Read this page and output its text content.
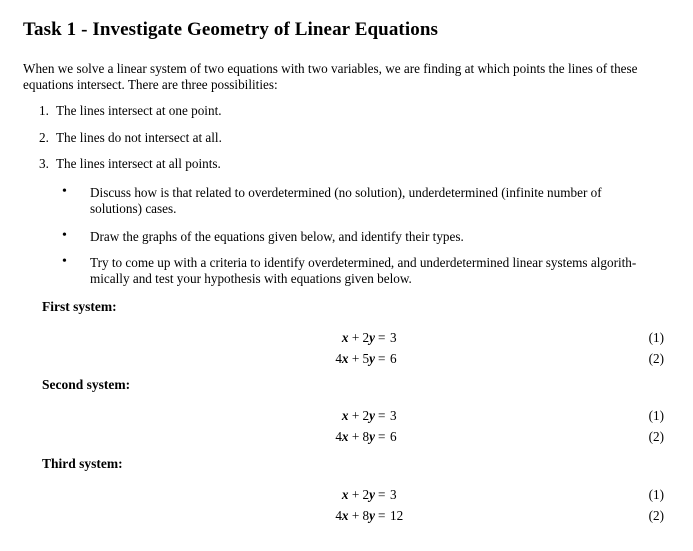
Task 1 - Investigate Geometry of Linear Equations
When we solve a linear system of two equations with two variables, we are finding at which points the lines of these equations intersect. There are three possibilities:
1. The lines intersect at one point.
2. The lines do not intersect at all.
3. The lines intersect at all points.
• Discuss how is that related to overdetermined (no solution), underdetermined (infinite number of solutions) cases.
• Draw the graphs of the equations given below, and identify their types.
• Try to come up with a criteria to identify overdetermined, and underdetermined linear systems algorith- mically and test your hypothesis with equations given below.
First system:
x + 2y = 3	(1)
4x + 5y = 6	(2)
Second system:
x + 2y = 3	(1)
4x + 8y = 6	(2)
Third system:
x + 2y = 3	(1)
4x + 8y = 12	(2)
